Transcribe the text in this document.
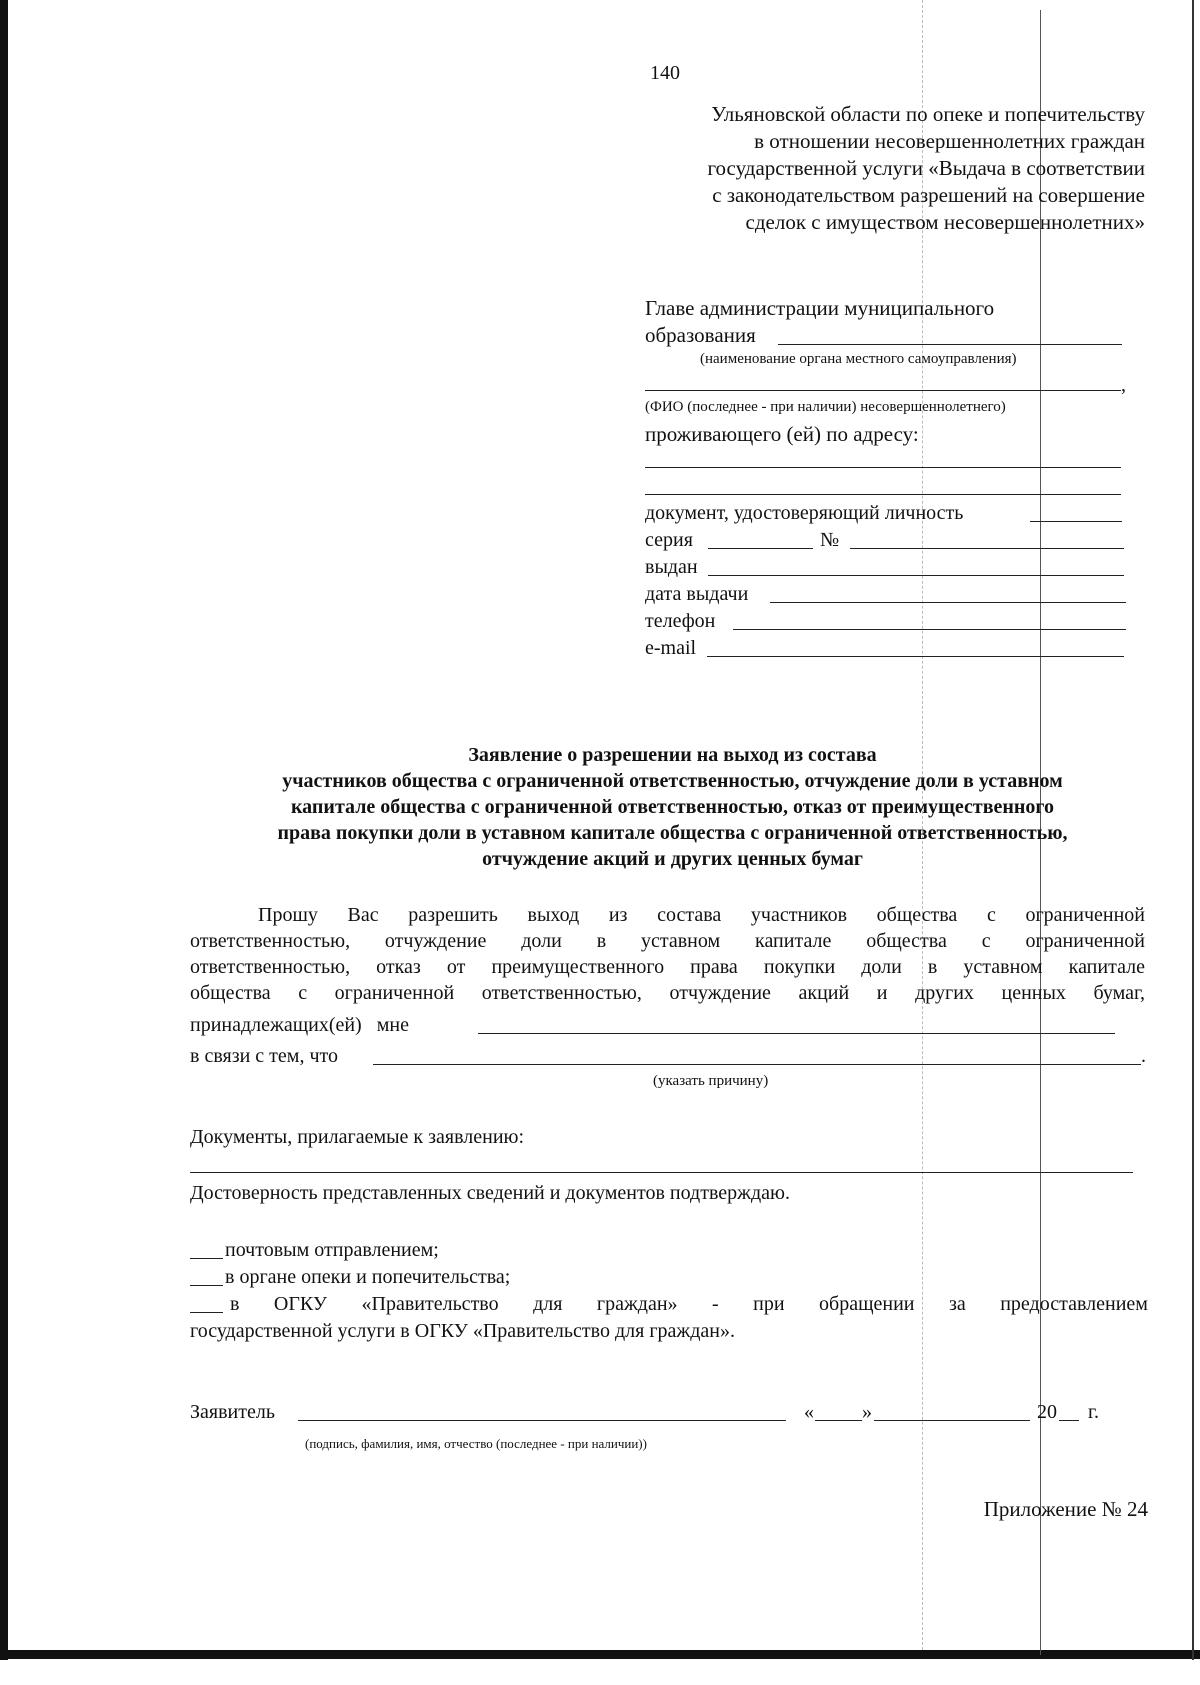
140
Ульяновской области по опеке и попечительству
в отношении несовершеннолетних граждан
государственной услуги «Выдача в соответствии
с законодательством разрешений на совершение
сделок с имуществом несовершеннолетних»
Главе администрации муниципального
образования
(наименование органа местного самоуправления)
,
(ФИО (последнее - при наличии) несовершеннолетнего)
проживающего (ей) по адресу:
документ, удостоверяющий личность
серия	№
выдан
дата выдачи
телефон
e-mail
Заявление о разрешении на выход из состава
участников общества с ограниченной ответственностью, отчуждение доли в уставном
капитале общества с ограниченной ответственностью, отказ от преимущественного
права покупки доли в уставном капитале общества с ограниченной ответственностью,
отчуждение акций и других ценных бумаг
Прошу Вас разрешить выход из состава участников общества с ограниченной
ответственностью, отчуждение доли в уставном капитале общества с ограниченной
ответственностью, отказ от преимущественного права покупки доли в уставном капитале
общества с ограниченной ответственностью, отчуждение акций и других ценных бумаг,
принадлежащих(ей)   мне
в связи с тем, что	.
(указать причину)
Документы, прилагаемые к заявлению:
Достоверность представленных сведений и документов подтверждаю.
почтовым отправлением;
в органе опеки и попечительства;
в ОГКУ «Правительство для граждан» - при обращении за предоставлением
государственной услуги в ОГКУ «Правительство для граждан».
Заявитель	« »	20 г.
(подпись, фамилия, имя, отчество (последнее - при наличии))
Приложение № 24
